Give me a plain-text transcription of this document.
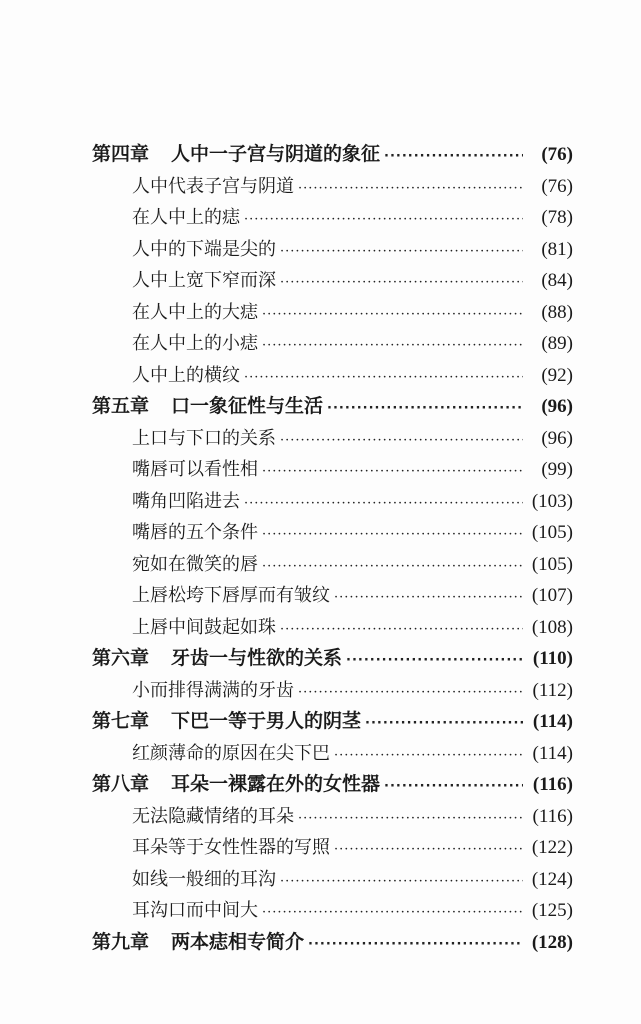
第四章 人中一子宫与阴道的象征 ·····	(76)
人中代表子宫与阴道 ·····	(76)
在人中上的痣 ·····	(78)
人中的下端是尖的 ·····	(81)
人中上宽下窄而深 ·····	(84)
在人中上的大痣 ·····	(88)
在人中上的小痣 ·····	(89)
人中上的横纹 ·····	(92)
第五章 口一象征性与生活 ·····	(96)
上口与下口的关系 ·····	(96)
嘴唇可以看性相 ·····	(99)
嘴角凹陷进去 ·····	(103)
嘴唇的五个条件 ·····	(105)
宛如在微笑的唇 ·····	(105)
上唇松垮下唇厚而有皱纹 ·····	(107)
上唇中间鼓起如珠 ·····	(108)
第六章 牙齿一与性欲的关系 ·····	(110)
小而排得满满的牙齿 ·····	(112)
第七章 下巴一等于男人的阴茎 ·····	(114)
红颜薄命的原因在尖下巴 ·····	(114)
第八章 耳朵一裸露在外的女性器 ·····	(116)
无法隐藏情绪的耳朵 ·····	(116)
耳朵等于女性性器的写照 ·····	(122)
如线一般细的耳沟 ·····	(124)
耳沟口而中间大 ·····	(125)
第九章 两本痣相专简介 ·····	(128)
